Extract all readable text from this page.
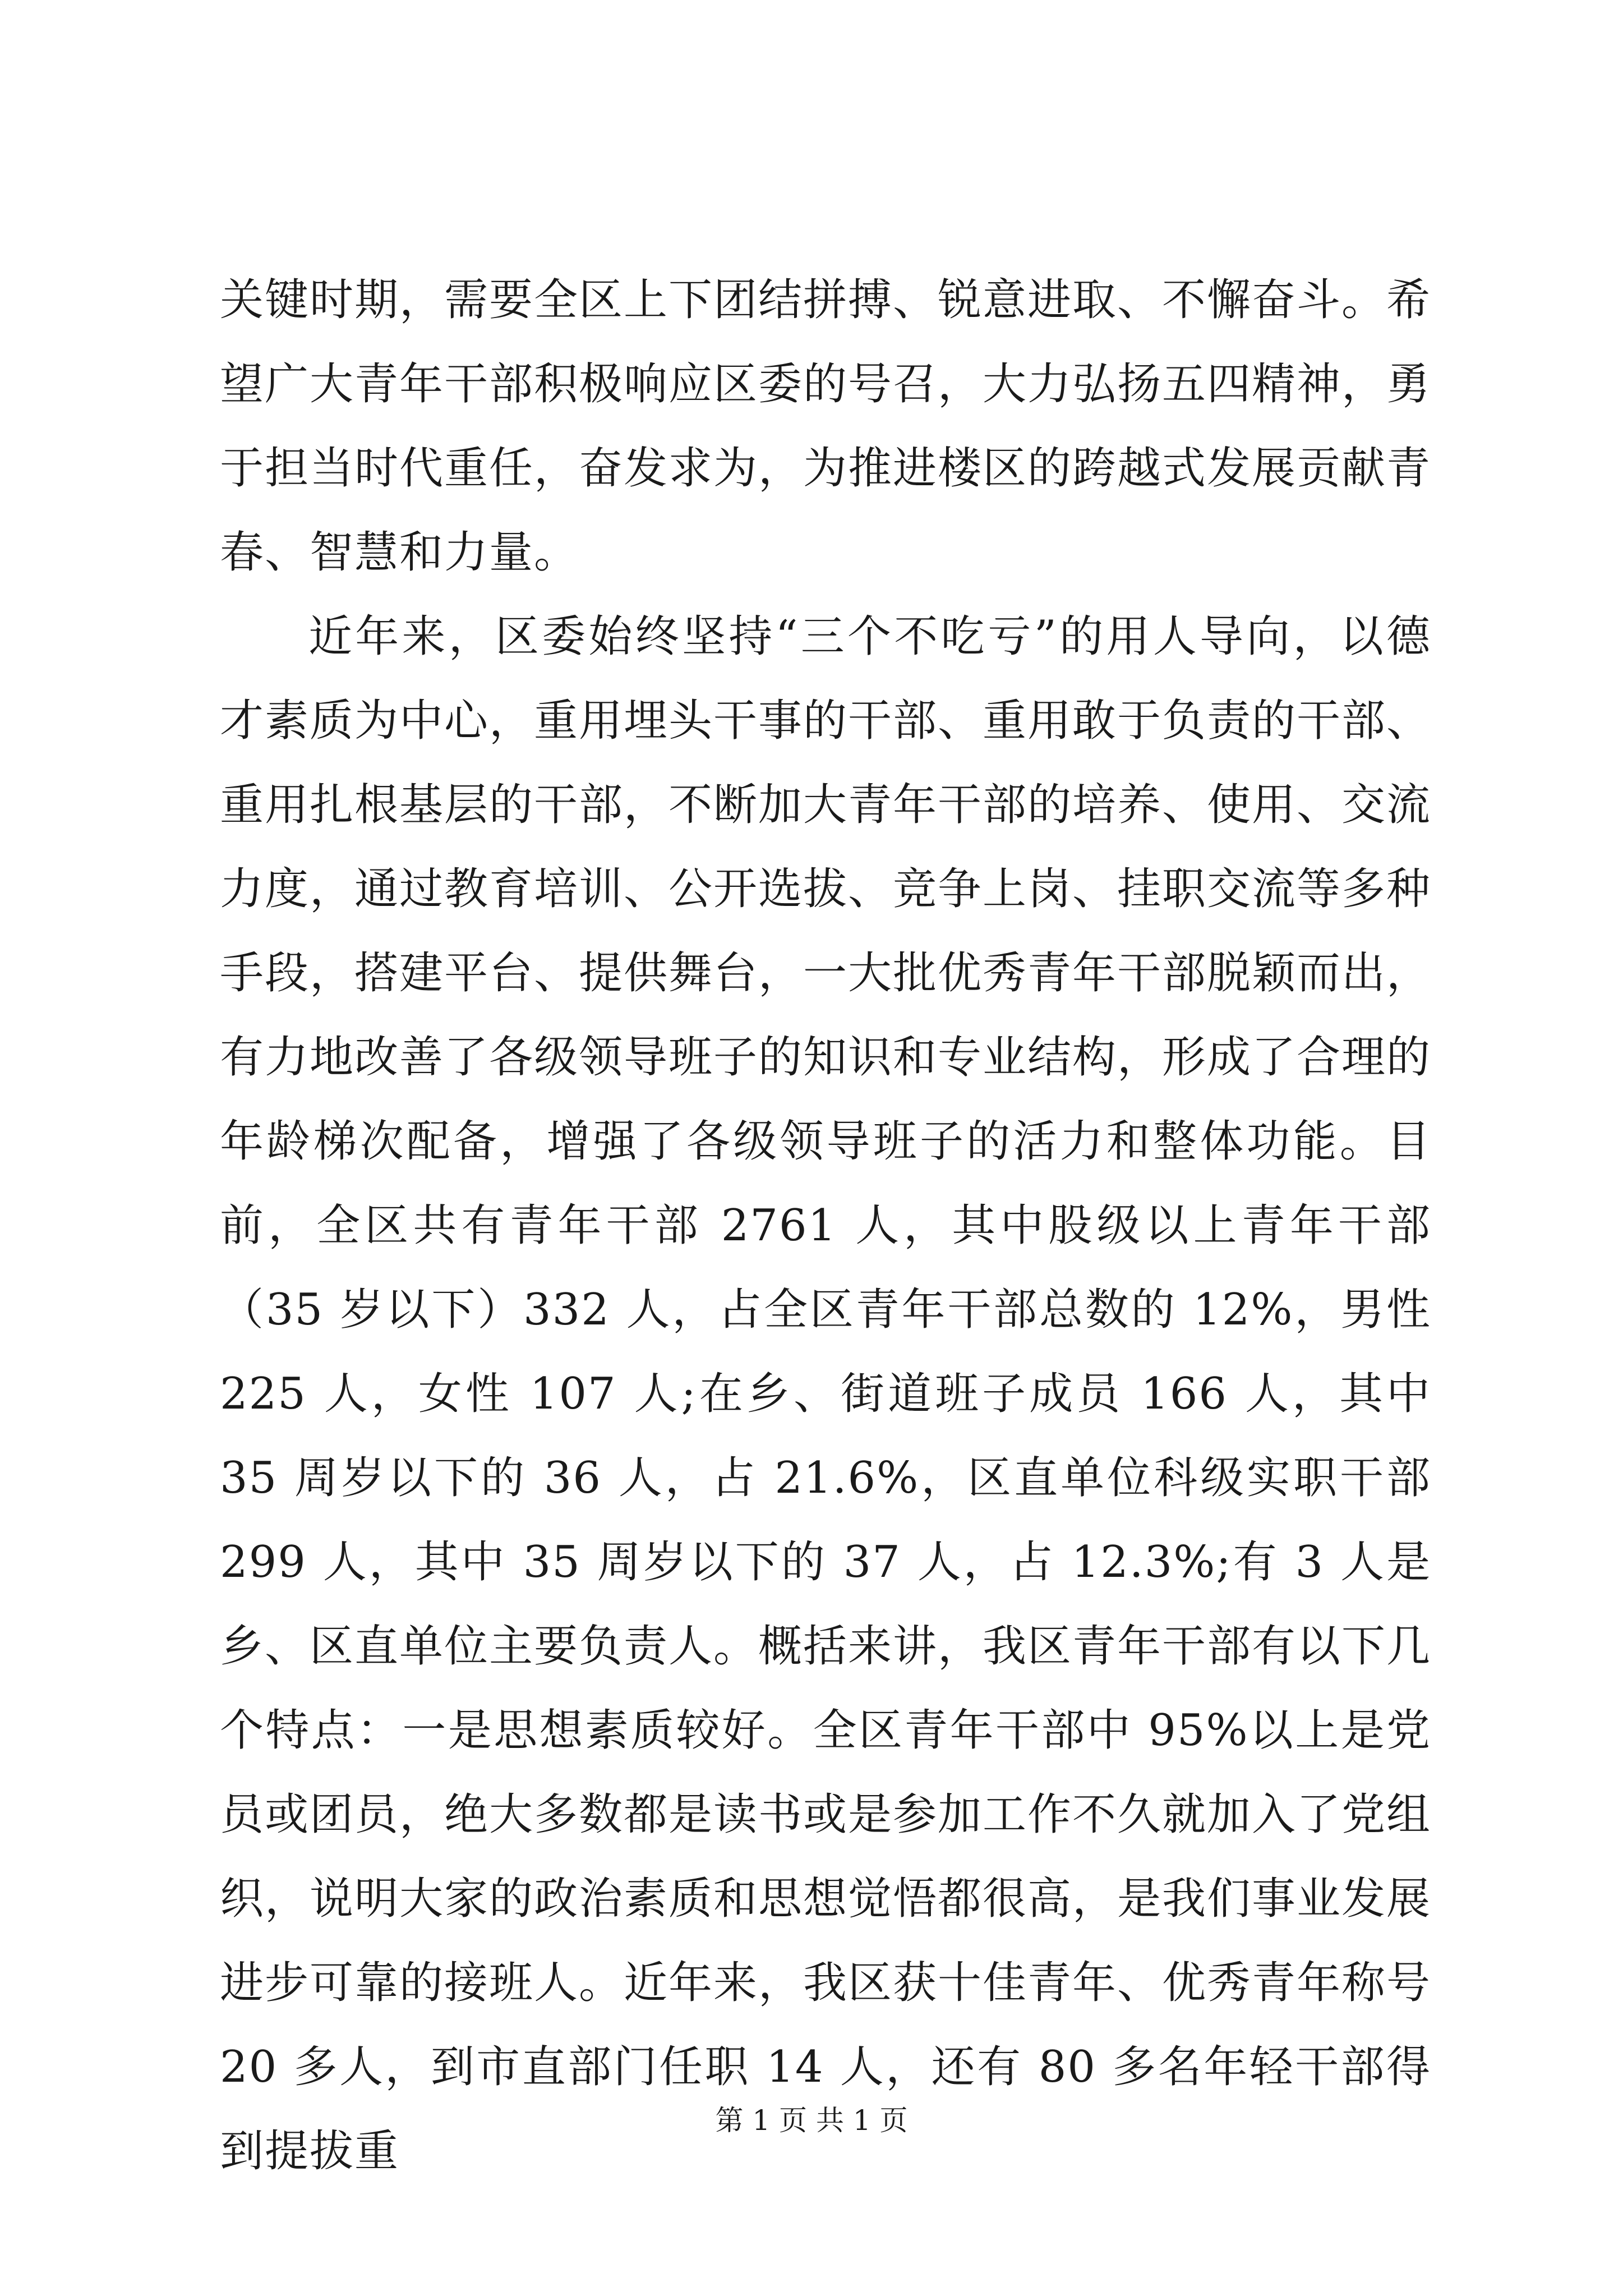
关键时期，需要全区上下团结拼搏、锐意进取、不懈奋斗。希望广大青年干部积极响应区委的号召，大力弘扬五四精神，勇于担当时代重任，奋发求为，为推进楼区的跨越式发展贡献青春、智慧和力量。

近年来，区委始终坚持“三个不吃亏”的用人导向，以德才素质为中心，重用埋头干事的干部、重用敢于负责的干部、重用扎根基层的干部，不断加大青年干部的培养、使用、交流力度，通过教育培训、公开选拔、竞争上岗、挂职交流等多种手段，搭建平台、提供舞台，一大批优秀青年干部脱颖而出，有力地改善了各级领导班子的知识和专业结构，形成了合理的年龄梯次配备，增强了各级领导班子的活力和整体功能。目前，全区共有青年干部 2761 人，其中股级以上青年干部（35 岁以下）332 人，占全区青年干部总数的 12%，男性 225 人，女性 107 人;在乡、街道班子成员 166 人，其中 35 周岁以下的 36 人，占 21.6%，区直单位科级实职干部 299 人，其中 35 周岁以下的 37 人，占 12.3%;有 3 人是乡、区直单位主要负责人。概括来讲，我区青年干部有以下几个特点：一是思想素质较好。全区青年干部中 95%以上是党员或团员，绝大多数都是读书或是参加工作不久就加入了党组织，说明大家的政治素质和思想觉悟都很高，是我们事业发展进步可靠的接班人。近年来，我区获十佳青年、优秀青年称号 20 多人，到市直部门任职 14 人，还有 80 多名年轻干部得到提拔重

第 1 页 共 1 页
